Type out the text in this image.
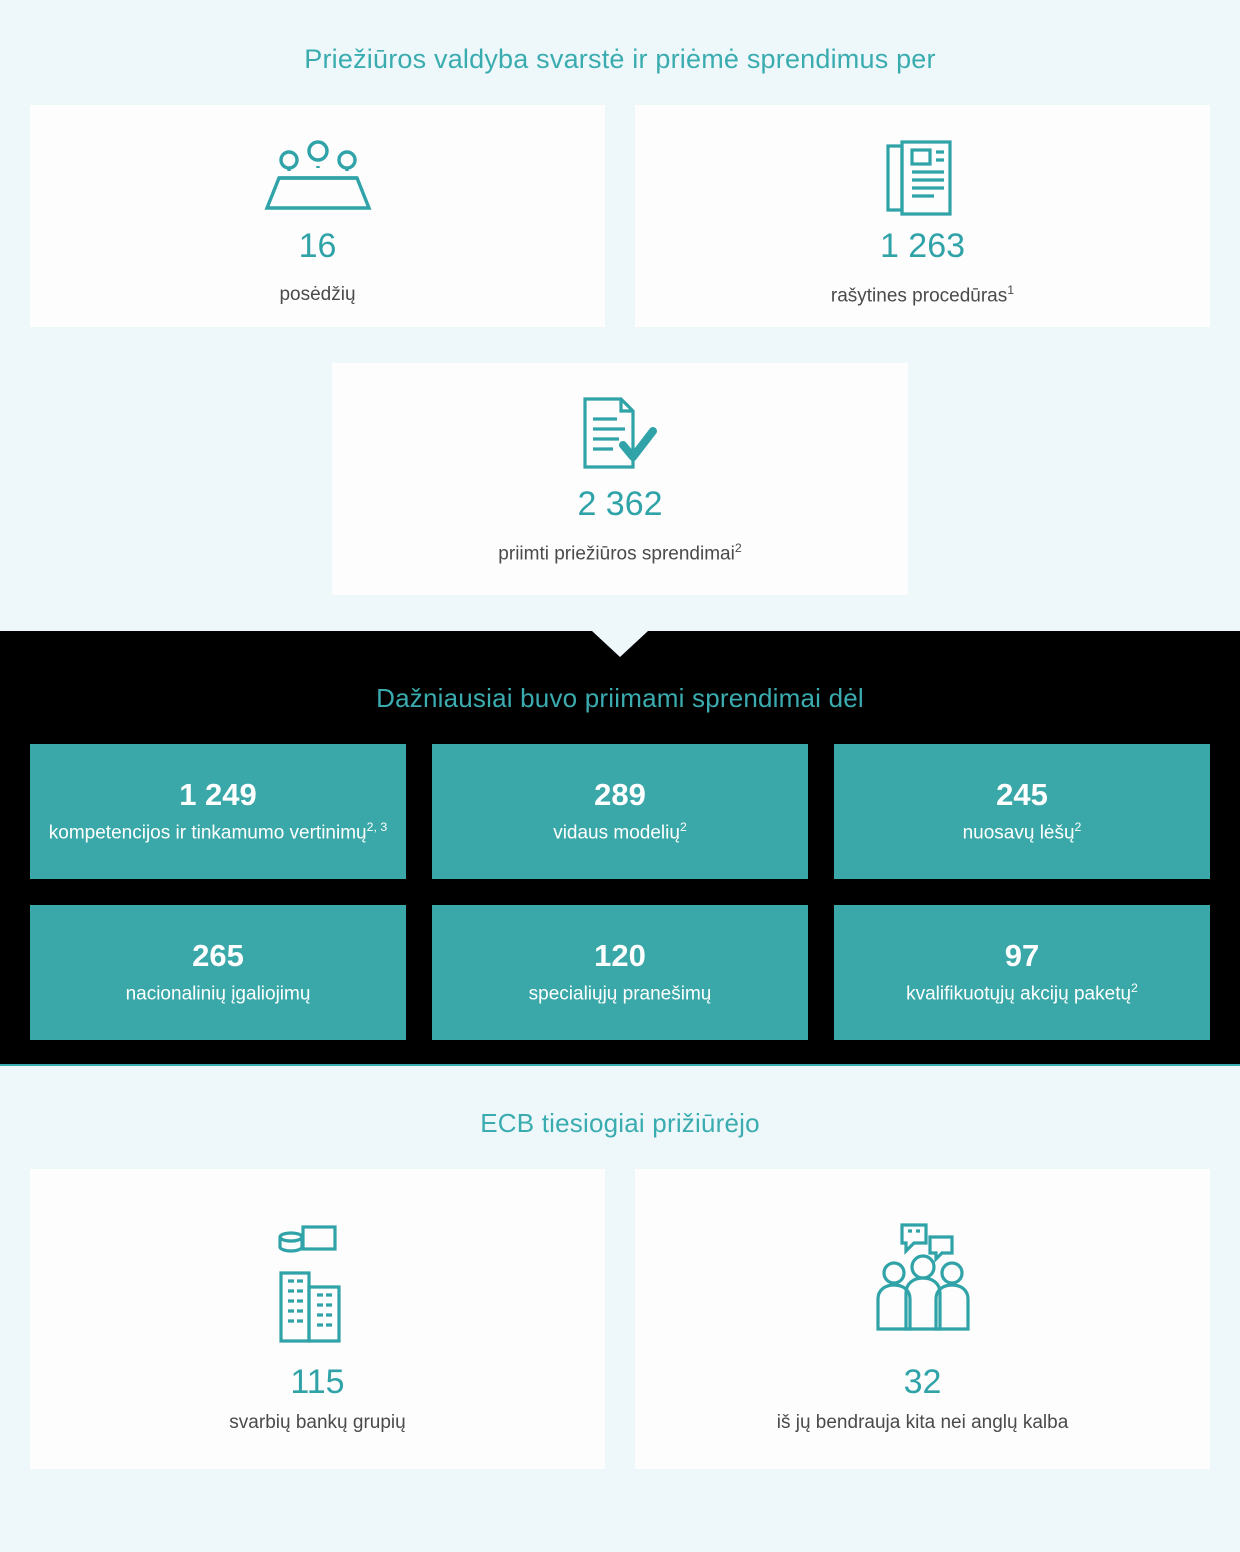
Priežiūros valdyba svarstė ir priėmė sprendimus per
16
posėdžių
1 263
rašytines procedūras$^1$
2 362
priimti priežiūros sprendimai$^2$
Dažniausiai buvo priimami sprendimai dėl
1 249
kompetencijos ir tinkamumo vertinimų$^{2, 3}$
289
vidaus modelių$^2$
245
nuosavų lėšų$^2$
265
nacionalinių įgaliojimų
120
specialiųjų pranešimų
97
kvalifikuotųjų akcijų paketų$^2$
ECB tiesiogiai prižiūrėjo
115
svarbių bankų grupių
32
iš jų bendrauja kita nei anglų kalba
